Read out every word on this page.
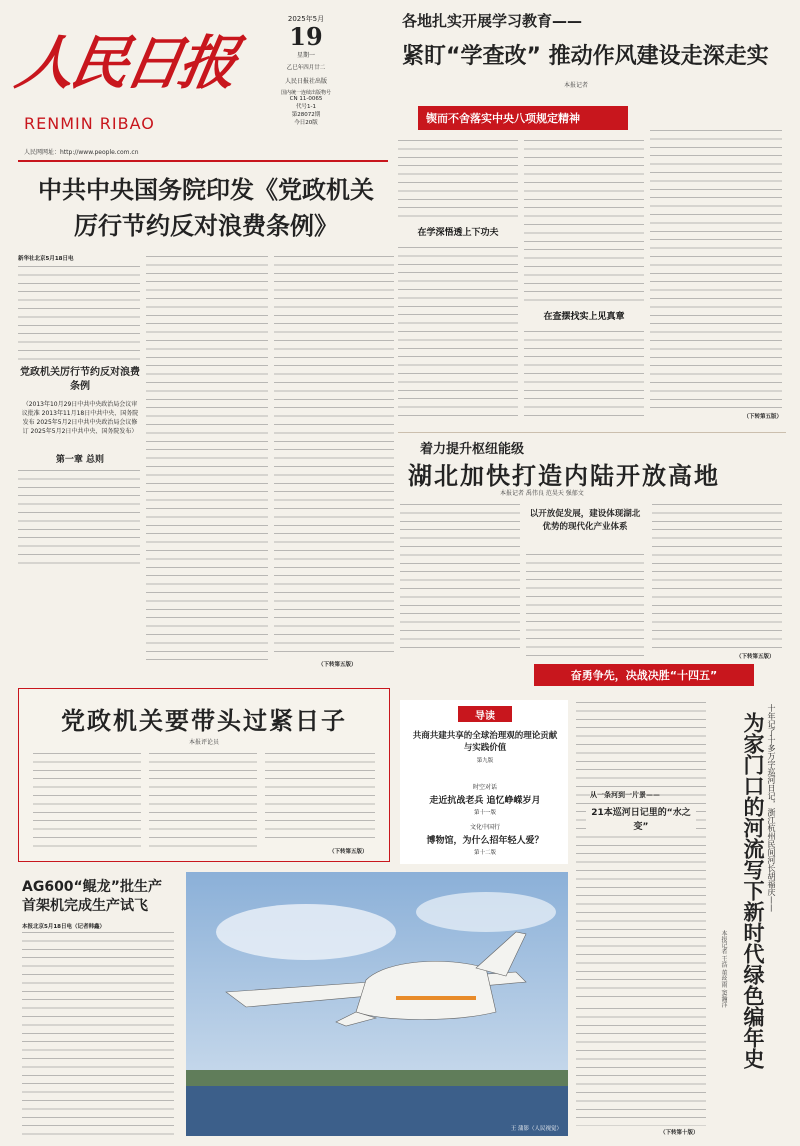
人民日报
RENMIN RIBAO
人民网网址：http://www.people.com.cn
2025年5月
19
星期一
乙巳年四月廿二
人民日报社出版
国内统一连续出版物号
CN 11-0065
代号1-1
第28072期
今日20版
各地扎实开展学习教育——
紧盯“学查改” 推动作风建设走深走实
本报记者
锲而不舍落实中央八项规定精神
在学深悟透上下功夫
在查摆找实上见真章
（下转第五版）
中共中央国务院印发《党政机关厉行节约反对浪费条例》
新华社北京5月18日电
（下转第五版）
党政机关厉行节约反对浪费条例
（2013年10月29日中共中央政治局会议审议批准 2013年11月18日中共中央、国务院发布 2025年5月2日中共中央政治局会议修订 2025年5月2日中共中央、国务院发布）
第一章 总则
党政机关要带头过紧日子
本报评论员
（下转第五版）
着力提升枢纽能级
湖北加快打造内陆开放高地
本报记者 禹伟良 范昊天 强郁文
以开放促发展，建设体现湖北优势的现代化产业体系
（下转第五版）
奋勇争先，决战决胜“十四五”
导读
共商共建共享的全球治理观的理论贡献与实践价值
第九版
时空对话
走近抗战老兵 追忆峥嵘岁月
第十一版
文化中国行
博物馆，为什么招年轻人爱？
第十二版
AG600“鲲龙”批生产首架机完成生产试飞
本报北京5月18日电（记者韩鑫）
王 蒲影（人民视觉）
21本巡河日记里的“水之变”
从一条河到一片景——
（下转第十版）
十年记了十多万字巡河日记，浙江杭州民间河长胡福庆——
为家门口的河流写下新时代绿色编年史
本报记者 王浩 董丝雨 窦瀚洋
